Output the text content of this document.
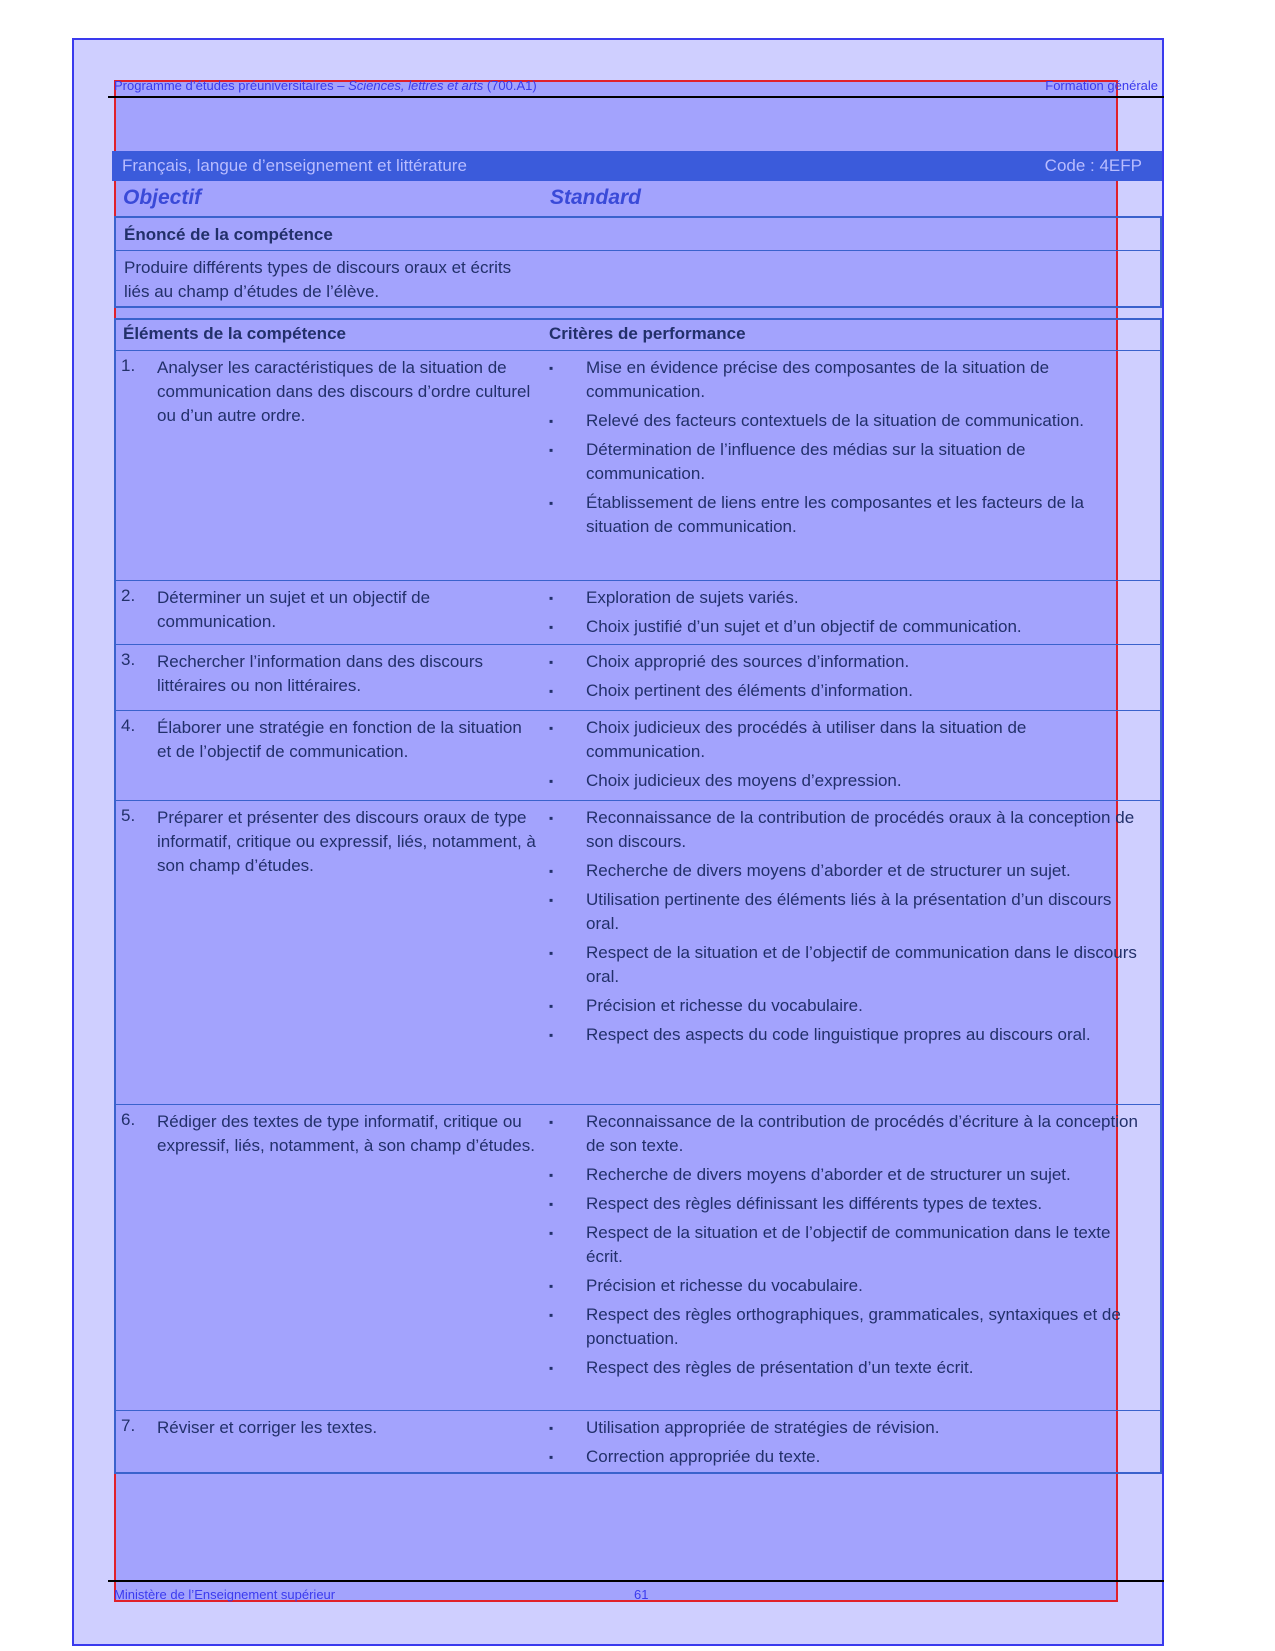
Programme d’études préuniversitaires – Sciences, lettres et arts (700.A1)	Formation générale
Français, langue d’enseignement et littérature	Code : 4EFP
Objectif	Standard
Énoncé de la compétence
Produire différents types de discours oraux et écrits liés au champ d’études de l’élève.
Éléments de la compétence	Critères de performance
1. Analyser les caractéristiques de la situation de communication dans des discours d’ordre culturel ou d’un autre ordre.
▪	Mise en évidence précise des composantes de la situation de communication.
▪	Relevé des facteurs contextuels de la situation de communication.
▪	Détermination de l’influence des médias sur la situation de communication.
▪	Établissement de liens entre les composantes et les facteurs de la situation de communication.
2. Déterminer un sujet et un objectif de communication.
▪	Exploration de sujets variés.
▪	Choix justifié d’un sujet et d’un objectif de communication.
3. Rechercher l’information dans des discours littéraires ou non littéraires.
▪	Choix approprié des sources d’information.
▪	Choix pertinent des éléments d’information.
4. Élaborer une stratégie en fonction de la situation et de l’objectif de communication.
▪	Choix judicieux des procédés à utiliser dans la situation de communication.
▪	Choix judicieux des moyens d’expression.
5. Préparer et présenter des discours oraux de type informatif, critique ou expressif, liés, notamment, à son champ d’études.
▪	Reconnaissance de la contribution de procédés oraux à la conception de son discours.
▪	Recherche de divers moyens d’aborder et de structurer un sujet.
▪	Utilisation pertinente des éléments liés à la présentation d’un discours oral.
▪	Respect de la situation et de l’objectif de communication dans le discours oral.
▪	Précision et richesse du vocabulaire.
▪	Respect des aspects du code linguistique propres au discours oral.
6. Rédiger des textes de type informatif, critique ou expressif, liés, notamment, à son champ d’études.
▪	Reconnaissance de la contribution de procédés d’écriture à la conception de son texte.
▪	Recherche de divers moyens d’aborder et de structurer un sujet.
▪	Respect des règles définissant les différents types de textes.
▪	Respect de la situation et de l’objectif de communication dans le texte écrit.
▪	Précision et richesse du vocabulaire.
▪	Respect des règles orthographiques, grammaticales, syntaxiques et de ponctuation.
▪	Respect des règles de présentation d’un texte écrit.
7. Réviser et corriger les textes.	▪	Utilisation appropriée de stratégies de révision.
▪	Correction appropriée du texte.
Ministère de l’Enseignement supérieur	61
